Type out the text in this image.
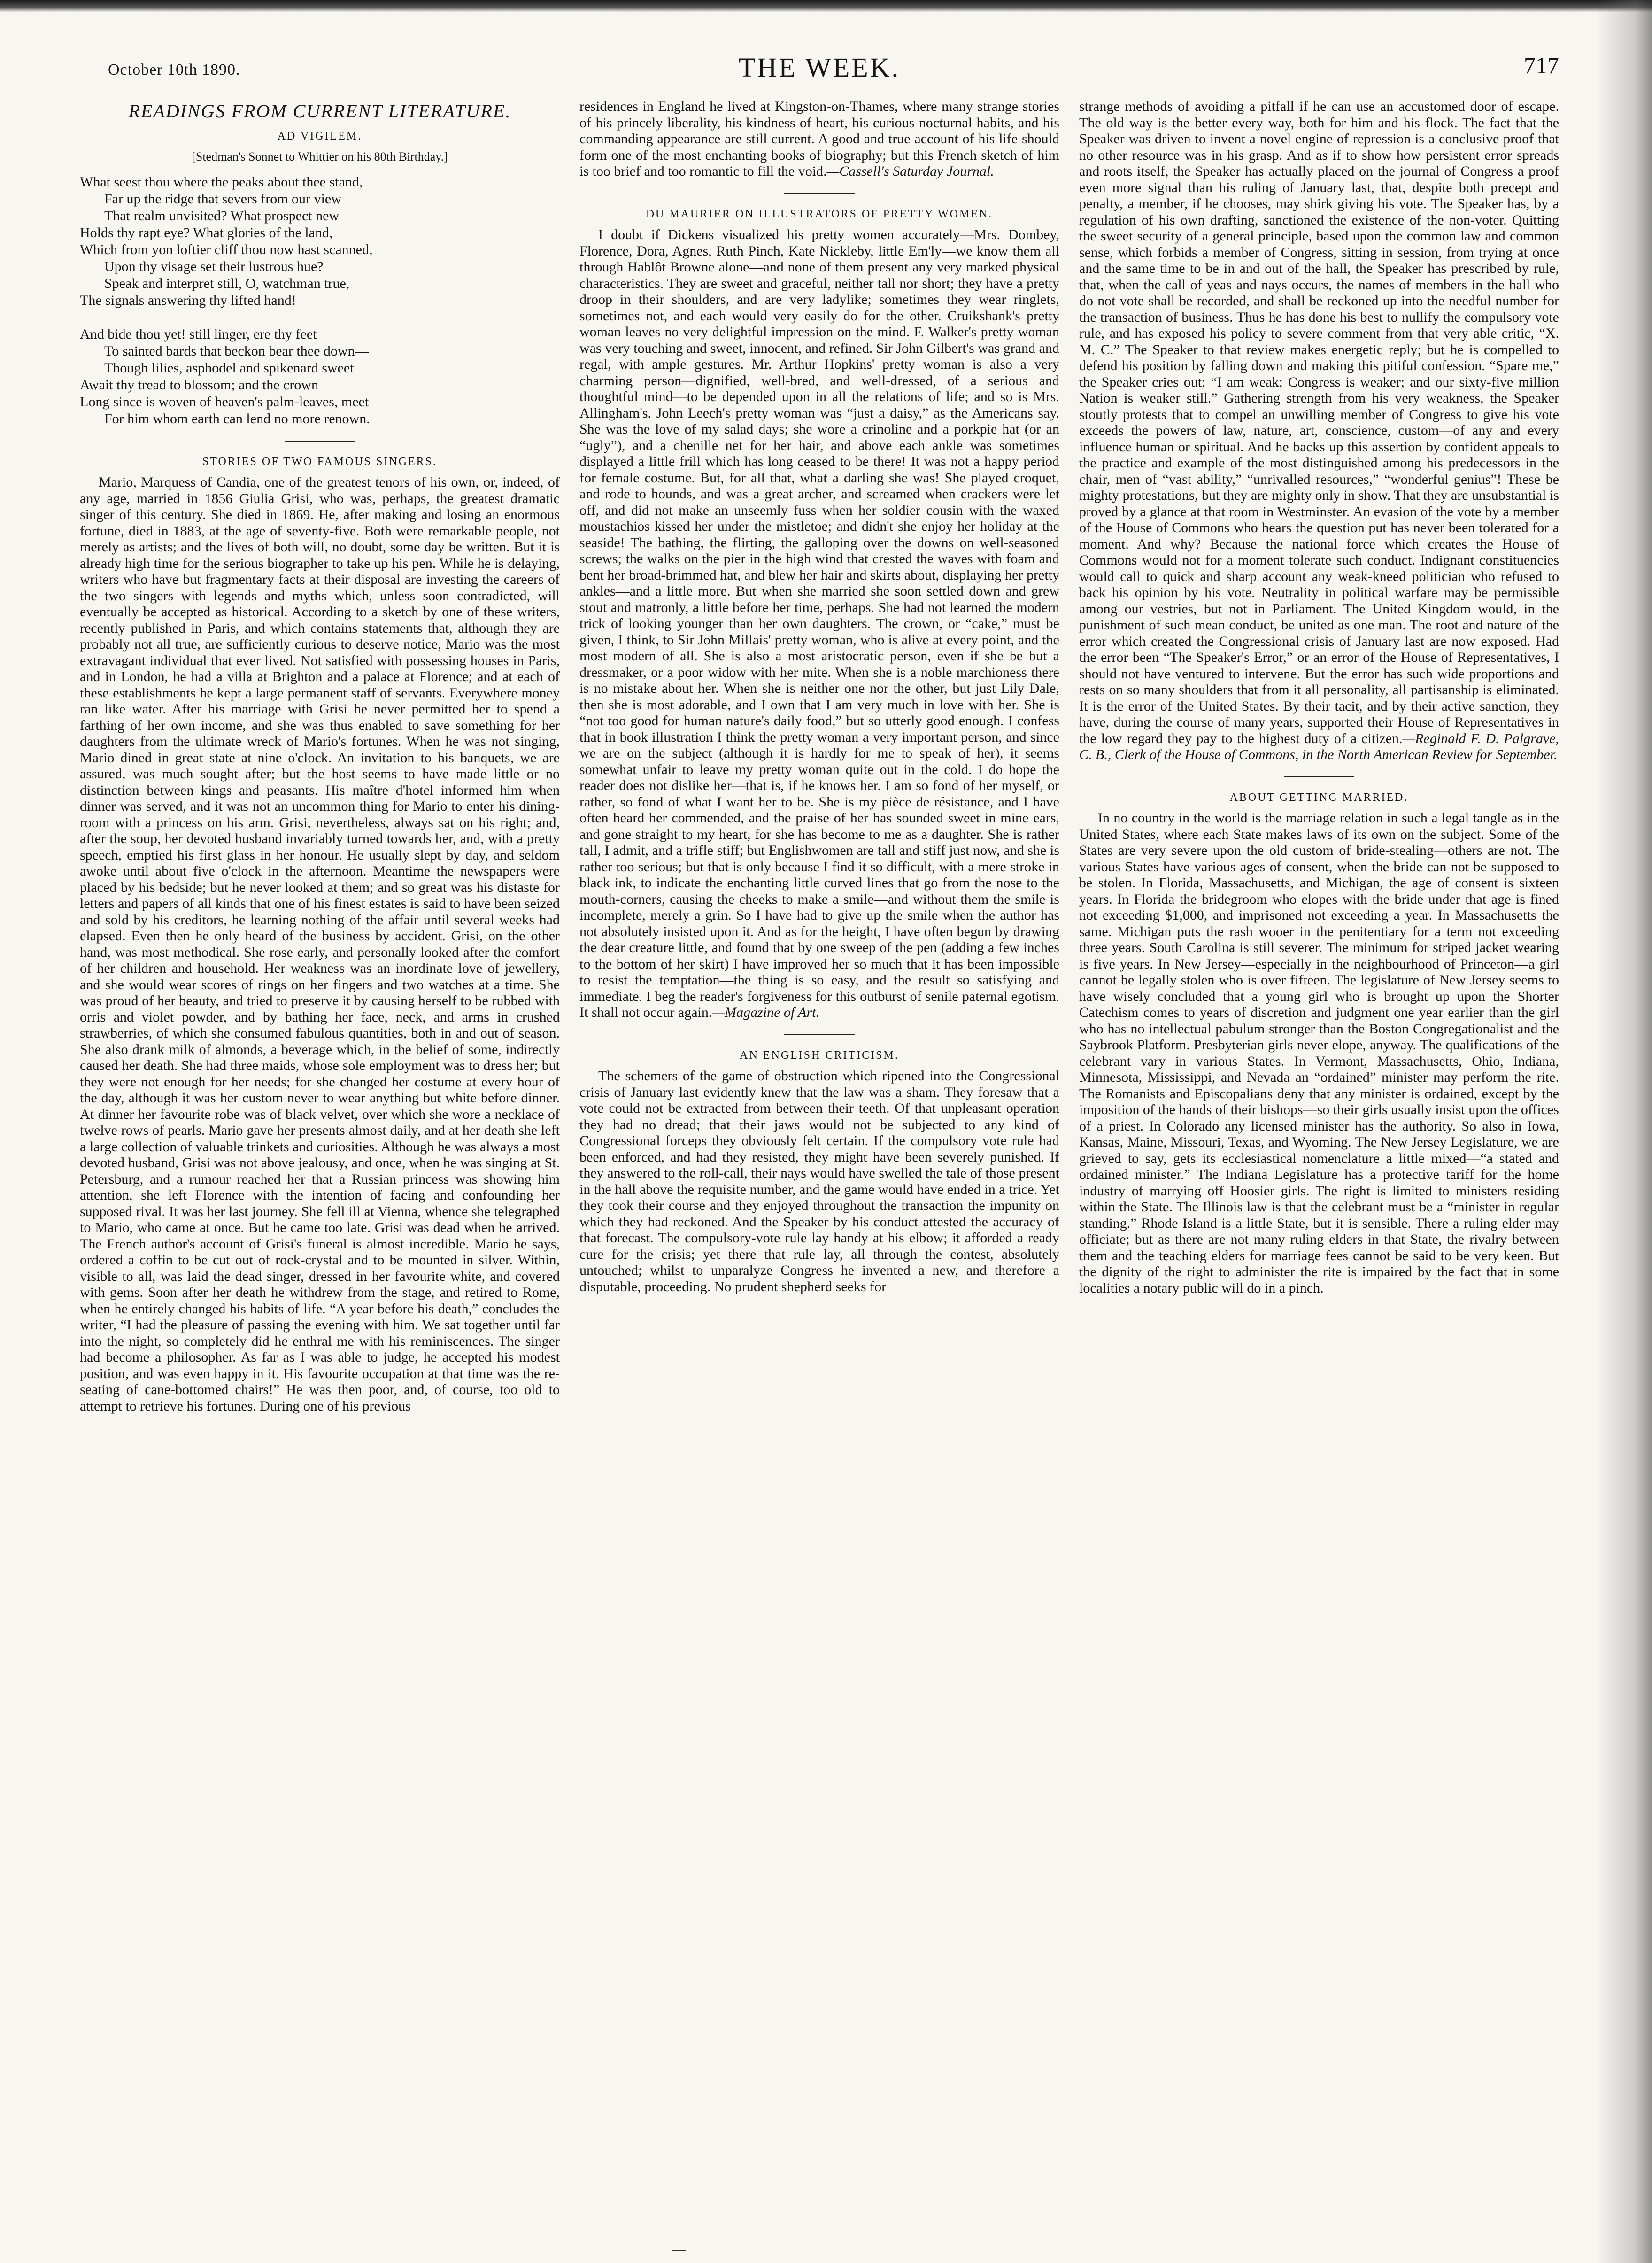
October 10th 1890.	THE WEEK.	717
READINGS FROM CURRENT LITERATURE.
AD VIGILEM.
[Stedman's Sonnet to Whittier on his 80th Birthday.]
What seest thou where the peaks about thee stand,
Far up the ridge that severs from our view
That realm unvisited? What prospect new
Holds thy rapt eye? What glories of the land,
Which from yon loftier cliff thou now hast scanned,
Upon thy visage set their lustrous hue?
Speak and interpret still, O, watchman true,
The signals answering thy lifted hand!
And bide thou yet! still linger, ere thy feet
To sainted bards that beckon bear thee down—
Though lilies, asphodel and spikenard sweet
Await thy tread to blossom; and the crown
Long since is woven of heaven's palm-leaves, meet
For him whom earth can lend no more renown.
STORIES OF TWO FAMOUS SINGERS.

Mario, Marquess of Candia, one of the greatest tenors of his own, or, indeed, of any age, married in 1856 Giulia Grisi, who was, perhaps, the greatest dramatic singer of this century. She died in 1869. He, after making and losing an enormous fortune, died in 1883, at the age of seventy-five. Both were remarkable people, not merely as artists; and the lives of both will, no doubt, some day be written. But it is already high time for the serious biographer to take up his pen. While he is delaying, writers who have but fragmentary facts at their disposal are investing the careers of the two singers with legends and myths which, unless soon contradicted, will eventually be accepted as historical. According to a sketch by one of these writers, recently published in Paris, and which contains statements that, although they are probably not all true, are sufficiently curious to deserve notice, Mario was the most extravagant individual that ever lived. Not satisfied with possessing houses in Paris, and in London, he had a villa at Brighton and a palace at Florence; and at each of these establishments he kept a large permanent staff of servants. Everywhere money ran like water. After his marriage with Grisi he never permitted her to spend a farthing of her own income, and she was thus enabled to save something for her daughters from the ultimate wreck of Mario's fortunes. When he was not singing, Mario dined in great state at nine o'clock. An invitation to his banquets, we are assured, was much sought after; but the host seems to have made little or no distinction between kings and peasants. His maître d'hotel informed him when dinner was served, and it was not an uncommon thing for Mario to enter his dining-room with a princess on his arm. Grisi, nevertheless, always sat on his right; and, after the soup, her devoted husband invariably turned towards her, and, with a pretty speech, emptied his first glass in her honour. He usually slept by day, and seldom awoke until about five o'clock in the afternoon. Meantime the newspapers were placed by his bedside; but he never looked at them; and so great was his distaste for letters and papers of all kinds that one of his finest estates is said to have been seized and sold by his creditors, he learning nothing of the affair until several weeks had elapsed. Even then he only heard of the business by accident. Grisi, on the other hand, was most methodical. She rose early, and personally looked after the comfort of her children and household. Her weakness was an inordinate love of jewellery, and she would wear scores of rings on her fingers and two watches at a time. She was proud of her beauty, and tried to preserve it by causing herself to be rubbed with orris and violet powder, and by bathing her face, neck, and arms in crushed strawberries, of which she consumed fabulous quantities, both in and out of season. She also drank milk of almonds, a beverage which, in the belief of some, indirectly caused her death. She had three maids, whose sole employment was to dress her; but they were not enough for her needs; for she changed her costume at every hour of the day, although it was her custom never to wear anything but white before dinner. At dinner her favourite robe was of black velvet, over which she wore a necklace of twelve rows of pearls. Mario gave her presents almost daily, and at her death she left a large collection of valuable trinkets and curiosities. Although he was always a most devoted husband, Grisi was not above jealousy, and once, when he was singing at St. Petersburg, and a rumour reached her that a Russian princess was showing him attention, she left Florence with the intention of facing and confounding her supposed rival. It was her last journey. She fell ill at Vienna, whence she telegraphed to Mario, who came at once. But he came too late. Grisi was dead when he arrived. The French author's account of Grisi's funeral is almost incredible. Mario he says, ordered a coffin to be cut out of rock-crystal and to be mounted in silver. Within, visible to all, was laid the dead singer, dressed in her favourite white, and covered with gems. Soon after her death he withdrew from the stage, and retired to Rome, when he entirely changed his habits of life. “A year before his death,” concludes the writer, “I had the pleasure of passing the evening with him. We sat together until far into the night, so completely did he enthral me with his reminiscences. The singer had become a philosopher. As far as I was able to judge, he accepted his modest position, and was even happy in it. His favourite occupation at that time was the re-seating of cane-bottomed chairs!” He was then poor, and, of course, too old to attempt to retrieve his fortunes. During one of his previous

residences in England he lived at Kingston-on-Thames, where many strange stories of his princely liberality, his kindness of heart, his curious nocturnal habits, and his commanding appearance are still current. A good and true account of his life should form one of the most enchanting books of biography; but this French sketch of him is too brief and too romantic to fill the void.—Cassell's Saturday Journal.

DU MAURIER ON ILLUSTRATORS OF PRETTY WOMEN.

I doubt if Dickens visualized his pretty women accurately—Mrs. Dombey, Florence, Dora, Agnes, Ruth Pinch, Kate Nickleby, little Em'ly—we know them all through Hablôt Browne alone—and none of them present any very marked physical characteristics. They are sweet and graceful, neither tall nor short; they have a pretty droop in their shoulders, and are very ladylike; sometimes they wear ringlets, sometimes not, and each would very easily do for the other. Cruikshank's pretty woman leaves no very delightful impression on the mind. F. Walker's pretty woman was very touching and sweet, innocent, and refined. Sir John Gilbert's was grand and regal, with ample gestures. Mr. Arthur Hopkins' pretty woman is also a very charming person—dignified, well-bred, and well-dressed, of a serious and thoughtful mind—to be depended upon in all the relations of life; and so is Mrs. Allingham's. John Leech's pretty woman was “just a daisy,” as the Americans say. She was the love of my salad days; she wore a crinoline and a porkpie hat (or an “ugly”), and a chenille net for her hair, and above each ankle was sometimes displayed a little frill which has long ceased to be there! It was not a happy period for female costume. But, for all that, what a darling she was! She played croquet, and rode to hounds, and was a great archer, and screamed when crackers were let off, and did not make an unseemly fuss when her soldier cousin with the waxed moustachios kissed her under the mistletoe; and didn't she enjoy her holiday at the seaside! The bathing, the flirting, the galloping over the downs on well-seasoned screws; the walks on the pier in the high wind that crested the waves with foam and bent her broad-brimmed hat, and blew her hair and skirts about, displaying her pretty ankles—and a little more. But when she married she soon settled down and grew stout and matronly, a little before her time, perhaps. She had not learned the modern trick of looking younger than her own daughters. The crown, or “cake,” must be given, I think, to Sir John Millais' pretty woman, who is alive at every point, and the most modern of all. She is also a most aristocratic person, even if she be but a dressmaker, or a poor widow with her mite. When she is a noble marchioness there is no mistake about her. When she is neither one nor the other, but just Lily Dale, then she is most adorable, and I own that I am very much in love with her. She is “not too good for human nature's daily food,” but so utterly good enough. I confess that in book illustration I think the pretty woman a very important person, and since we are on the subject (although it is hardly for me to speak of her), it seems somewhat unfair to leave my pretty woman quite out in the cold. I do hope the reader does not dislike her—that is, if he knows her. I am so fond of her myself, or rather, so fond of what I want her to be. She is my pièce de résistance, and I have often heard her commended, and the praise of her has sounded sweet in mine ears, and gone straight to my heart, for she has become to me as a daughter. She is rather tall, I admit, and a trifle stiff; but Englishwomen are tall and stiff just now, and she is rather too serious; but that is only because I find it so difficult, with a mere stroke in black ink, to indicate the enchanting little curved lines that go from the nose to the mouth-corners, causing the cheeks to make a smile—and without them the smile is incomplete, merely a grin. So I have had to give up the smile when the author has not absolutely insisted upon it. And as for the height, I have often begun by drawing the dear creature little, and found that by one sweep of the pen (adding a few inches to the bottom of her skirt) I have improved her so much that it has been impossible to resist the temptation—the thing is so easy, and the result so satisfying and immediate. I beg the reader's forgiveness for this outburst of senile paternal egotism. It shall not occur again.—Magazine of Art.

AN ENGLISH CRITICISM.

The schemers of the game of obstruction which ripened into the Congressional crisis of January last evidently knew that the law was a sham. They foresaw that a vote could not be extracted from between their teeth. Of that unpleasant operation they had no dread; that their jaws would not be subjected to any kind of Congressional forceps they obviously felt certain. If the compulsory vote rule had been enforced, and had they resisted, they might have been severely punished. If they answered to the roll-call, their nays would have swelled the tale of those present in the hall above the requisite number, and the game would have ended in a trice. Yet they took their course and they enjoyed throughout the transaction the impunity on which they had reckoned. And the Speaker by his conduct attested the accuracy of that forecast. The compulsory-vote rule lay handy at his elbow; it afforded a ready cure for the crisis; yet there that rule lay, all through the contest, absolutely untouched; whilst to unparalyze Congress he invented a new, and therefore a disputable, proceeding. No prudent shepherd seeks for

strange methods of avoiding a pitfall if he can use an accustomed door of escape. The old way is the better every way, both for him and his flock. The fact that the Speaker was driven to invent a novel engine of repression is a conclusive proof that no other resource was in his grasp. And as if to show how persistent error spreads and roots itself, the Speaker has actually placed on the journal of Congress a proof even more signal than his ruling of January last, that, despite both precept and penalty, a member, if he chooses, may shirk giving his vote. The Speaker has, by a regulation of his own drafting, sanctioned the existence of the non-voter. Quitting the sweet security of a general principle, based upon the common law and common sense, which forbids a member of Congress, sitting in session, from trying at once and the same time to be in and out of the hall, the Speaker has prescribed by rule, that, when the call of yeas and nays occurs, the names of members in the hall who do not vote shall be recorded, and shall be reckoned up into the needful number for the transaction of business. Thus he has done his best to nullify the compulsory vote rule, and has exposed his policy to severe comment from that very able critic, “X. M. C.” The Speaker to that review makes energetic reply; but he is compelled to defend his position by falling down and making this pitiful confession. “Spare me,” the Speaker cries out; “I am weak; Congress is weaker; and our sixty-five million Nation is weaker still.” Gathering strength from his very weakness, the Speaker stoutly protests that to compel an unwilling member of Congress to give his vote exceeds the powers of law, nature, art, conscience, custom—of any and every influence human or spiritual. And he backs up this assertion by confident appeals to the practice and example of the most distinguished among his predecessors in the chair, men of “vast ability,” “unrivalled resources,” “wonderful genius”! These be mighty protestations, but they are mighty only in show. That they are unsubstantial is proved by a glance at that room in Westminster. An evasion of the vote by a member of the House of Commons who hears the question put has never been tolerated for a moment. And why? Because the national force which creates the House of Commons would not for a moment tolerate such conduct. Indignant constituencies would call to quick and sharp account any weak-kneed politician who refused to back his opinion by his vote. Neutrality in political warfare may be permissible among our vestries, but not in Parliament. The United Kingdom would, in the punishment of such mean conduct, be united as one man. The root and nature of the error which created the Congressional crisis of January last are now exposed. Had the error been “The Speaker's Error,” or an error of the House of Representatives, I should not have ventured to intervene. But the error has such wide proportions and rests on so many shoulders that from it all personality, all partisanship is eliminated. It is the error of the United States. By their tacit, and by their active sanction, they have, during the course of many years, supported their House of Representatives in the low regard they pay to the highest duty of a citizen.—Reginald F. D. Palgrave, C. B., Clerk of the House of Commons, in the North American Review for September.

ABOUT GETTING MARRIED.

In no country in the world is the marriage relation in such a legal tangle as in the United States, where each State makes laws of its own on the subject. Some of the States are very severe upon the old custom of bride-stealing—others are not. The various States have various ages of consent, when the bride can not be supposed to be stolen. In Florida, Massachusetts, and Michigan, the age of consent is sixteen years. In Florida the bridegroom who elopes with the bride under that age is fined not exceeding $1,000, and imprisoned not exceeding a year. In Massachusetts the same. Michigan puts the rash wooer in the penitentiary for a term not exceeding three years. South Carolina is still severer. The minimum for striped jacket wearing is five years. In New Jersey—especially in the neighbourhood of Princeton—a girl cannot be legally stolen who is over fifteen. The legislature of New Jersey seems to have wisely concluded that a young girl who is brought up upon the Shorter Catechism comes to years of discretion and judgment one year earlier than the girl who has no intellectual pabulum stronger than the Boston Congregationalist and the Saybrook Platform. Presbyterian girls never elope, anyway. The qualifications of the celebrant vary in various States. In Vermont, Massachusetts, Ohio, Indiana, Minnesota, Mississippi, and Nevada an “ordained” minister may perform the rite. The Romanists and Episcopalians deny that any minister is ordained, except by the imposition of the hands of their bishops—so their girls usually insist upon the offices of a priest. In Colorado any licensed minister has the authority. So also in Iowa, Kansas, Maine, Missouri, Texas, and Wyoming. The New Jersey Legislature, we are grieved to say, gets its ecclesiastical nomenclature a little mixed—“a stated and ordained minister.” The Indiana Legislature has a protective tariff for the home industry of marrying off Hoosier girls. The right is limited to ministers residing within the State. The Illinois law is that the celebrant must be a “minister in regular standing.” Rhode Island is a little State, but it is sensible. There a ruling elder may officiate; but as there are not many ruling elders in that State, the rivalry between them and the teaching elders for marriage fees cannot be said to be very keen. But the dignity of the right to administer the rite is impaired by the fact that in some localities a notary public will do in a pinch.
